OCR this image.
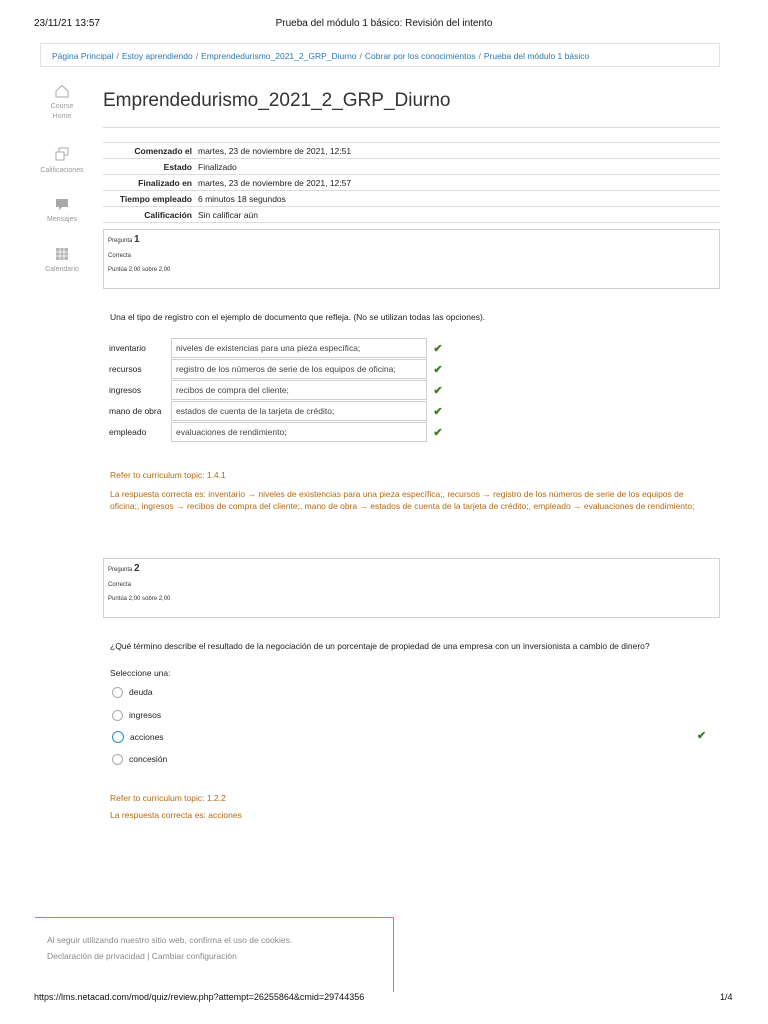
23/11/21 13:57	Prueba del módulo 1 básico: Revisión del intento
Página Principal / Estoy aprendiendo / Emprendedurismo_2021_2_GRP_Diurno / Cobrar por los conocimientos / Prueba del módulo 1 básico
Course
Home
Calificaciones
Mensajes
Calendario
Emprendedurismo_2021_2_GRP_Diurno
Comenzado el	martes, 23 de noviembre de 2021, 12:51
Estado	Finalizado
Finalizado en	martes, 23 de noviembre de 2021, 12:57
Tiempo empleado	6 minutos 18 segundos
Calificación	Sin calificar aún
Pregunta 1
Correcta
Puntúa 2,00 sobre 2,00
Una el tipo de registro con el ejemplo de documento que refleja. (No se utilizan todas las opciones).
inventario	niveles de existencias para una pieza específica;	✔
recursos	registro de los números de serie de los equipos de oficina;	✔
ingresos	recibos de compra del cliente;	✔
mano de obra	estados de cuenta de la tarjeta de crédito;	✔
empleado	evaluaciones de rendimiento;	✔
Refer to curriculum topic: 1.4.1
La respuesta correcta es: inventario → niveles de existencias para una pieza específica;, recursos → registro de los números de serie de los equipos de oficina;, ingresos → recibos de compra del cliente;, mano de obra → estados de cuenta de la tarjeta de crédito;, empleado → evaluaciones de rendimiento;
Pregunta 2
Correcta
Puntúa 2,00 sobre 2,00
¿Qué término describe el resultado de la negociación de un porcentaje de propiedad de una empresa con un inversionista a cambio de dinero?
Seleccione una:
deuda
ingresos
acciones	✔
concesión
Refer to curriculum topic: 1.2.2
La respuesta correcta es: acciones
Al seguir utilizando nuestro sitio web, confirma el uso de cookies.
Declaración de privacidad | Cambiar configuración
https://lms.netacad.com/mod/quiz/review.php?attempt=26255864&cmid=29744356	1/4
